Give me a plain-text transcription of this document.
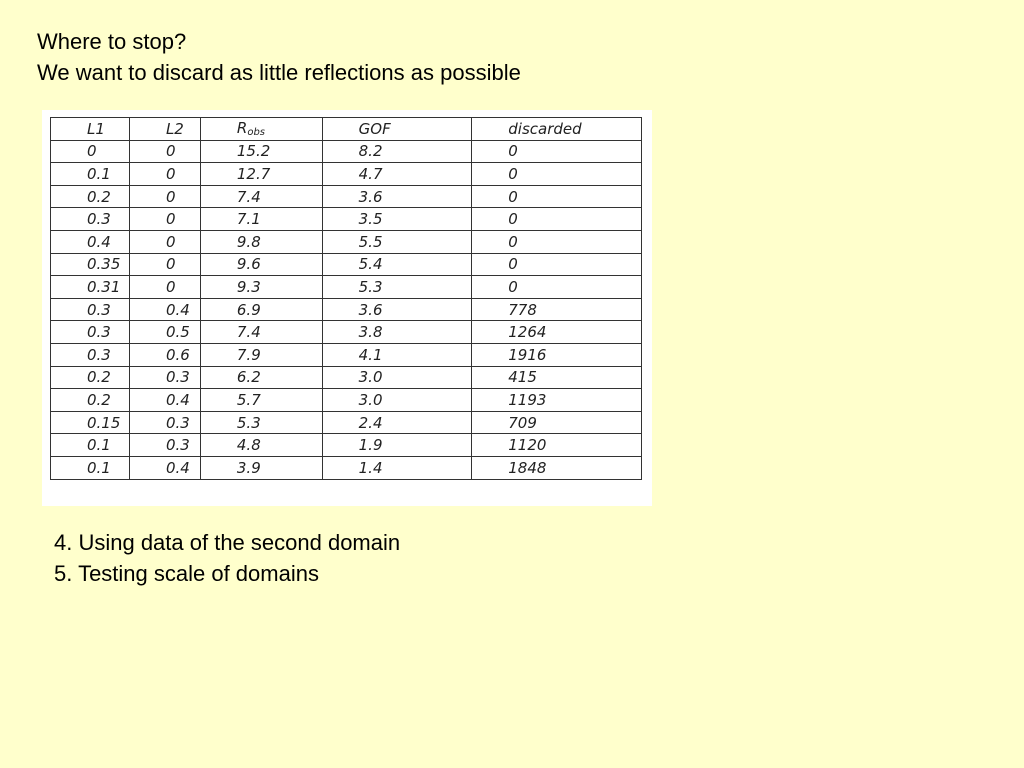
Where to stop?
We want to discard as little reflections as possible
L1	L2	$R_{obs}$	GOF	discarded
0	0	15.2	8.2	0
0.1	0	12.7	4.7	0
0.2	0	7.4	3.6	0
0.3	0	7.1	3.5	0
0.4	0	9.8	5.5	0
0.35	0	9.6	5.4	0
0.31	0	9.3	5.3	0
0.3	0.4	6.9	3.6	778
0.3	0.5	7.4	3.8	1264
0.3	0.6	7.9	4.1	1916
0.2	0.3	6.2	3.0	415
0.2	0.4	5.7	3.0	1193
0.15	0.3	5.3	2.4	709
0.1	0.3	4.8	1.9	1120
0.1	0.4	3.9	1.4	1848
4. Using data of the second domain
5. Testing scale of domains
